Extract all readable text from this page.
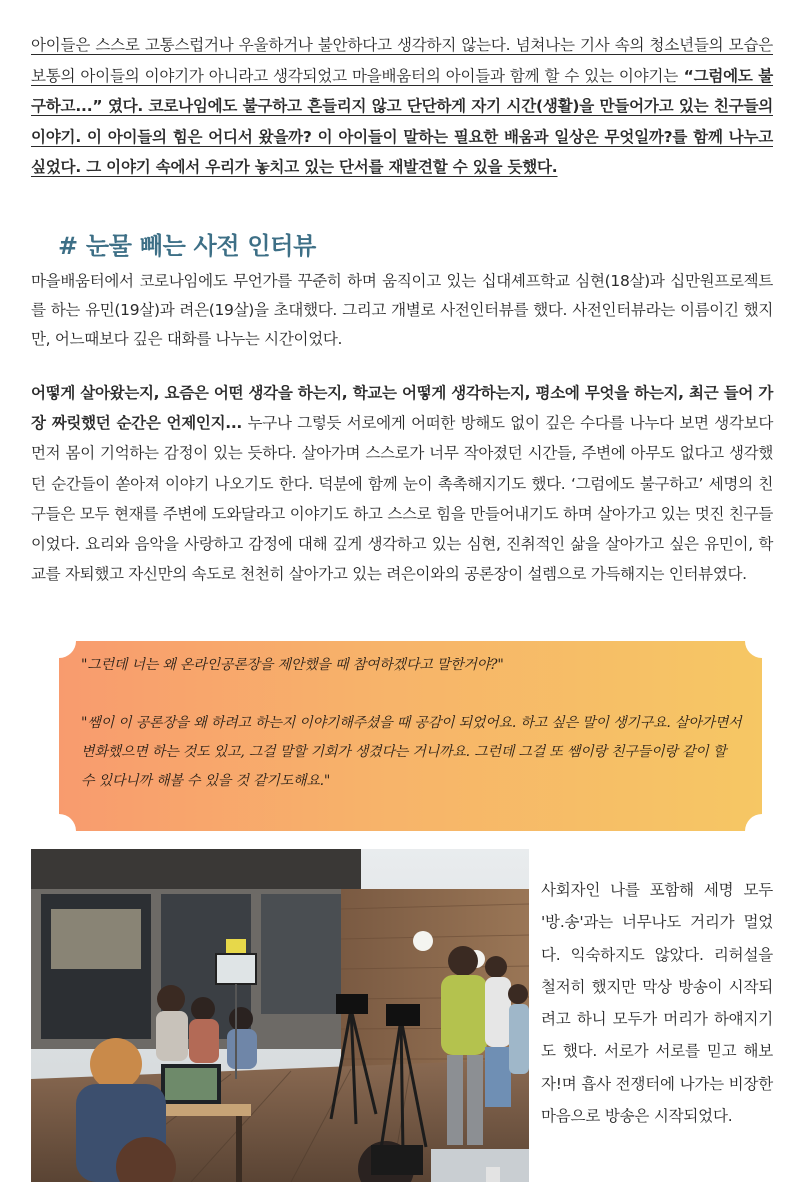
아이들은 스스로 고통스럽거나 우울하거나 불안하다고 생각하지 않는다. 넘쳐나는 기사 속의 청소년들의 모습은 보통의 아이들의 이야기가 아니라고 생각되었고 마을배움터의 아이들과 함께 할 수 있는 이야기는 “그럼에도 불구하고...” 였다. 코로나임에도 불구하고 흔들리지 않고 단단하게 자기 시간(생활)을 만들어가고 있는 친구들의 이야기. 이 아이들의 힘은 어디서 왔을까? 이 아이들이 말하는 필요한 배움과 일상은 무엇일까?를 함께 나누고 싶었다. 그 이야기 속에서 우리가 놓치고 있는 단서를 재발견할 수 있을 듯했다.
# 눈물 빼는 사전 인터뷰
마을배움터에서 코로나임에도 무언가를 꾸준히 하며 움직이고 있는 십대셰프학교 심현(18살)과 십만원프로젝트를 하는 유민(19살)과 려은(19살)을 초대했다. 그리고 개별로 사전인터뷰를 했다. 사전인터뷰라는 이름이긴 했지만, 어느때보다 깊은 대화를 나누는 시간이었다.
어떻게 살아왔는지, 요즘은 어떤 생각을 하는지, 학교는 어떻게 생각하는지, 평소에 무엇을 하는지, 최근 들어 가장 짜릿했던 순간은 언제인지... 누구나 그렇듯 서로에게 어떠한 방해도 없이 깊은 수다를 나누다 보면 생각보다 먼저 몸이 기억하는 감정이 있는 듯하다. 살아가며 스스로가 너무 작아졌던 시간들, 주변에 아무도 없다고 생각했던 순간들이 쏟아져 이야기 나오기도 한다. 덕분에 함께 눈이 촉촉해지기도 했다. ‘그럼에도 불구하고’ 세명의 친구들은 모두 현재를 주변에 도와달라고 이야기도 하고 스스로 힘을 만들어내기도 하며 살아가고 있는 멋진 친구들이었다. 요리와 음악을 사랑하고 감정에 대해 깊게 생각하고 있는 심현, 진취적인 삶을 살아가고 싶은 유민이, 학교를 자퇴했고 자신만의 속도로 천천히 살아가고 있는 려은이와의 공론장이 설렘으로 가득해지는 인터뷰였다.

"그런데 너는 왜 온라인공론장을 제안했을 때 참여하겠다고 말한거야?"

"쌤이 이 공론장을 왜 하려고 하는지 이야기해주셨을 때 공감이 되었어요. 하고 싶은 말이 생기구요. 살아가면서 변화했으면 하는 것도 있고, 그걸 말할 기회가 생겼다는 거니까요. 그런데 그걸 또 쌤이랑 친구들이랑 같이 할 수 있다니까 해볼 수 있을 것 같기도해요."

사회자인 나를 포함해 세명 모두 '방.송'과는 너무나도 거리가 멀었다. 익숙하지도 않았다. 리허설을 철저히 했지만 막상 방송이 시작되려고 하니 모두가 머리가 하얘지기도 했다. 서로가 서로를 믿고 해보자!며 흡사 전쟁터에 나가는 비장한 마음으로 방송은 시작되었다.
